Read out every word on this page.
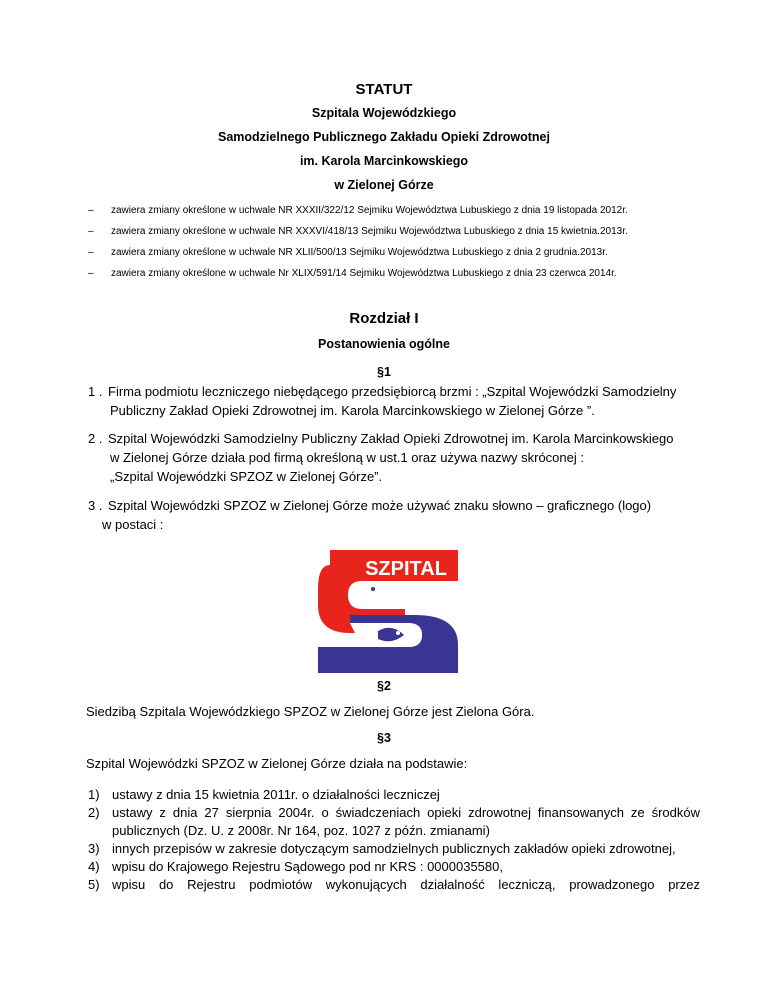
STATUT
Szpitala Wojewódzkiego
Samodzielnego Publicznego Zakładu Opieki Zdrowotnej
im. Karola Marcinkowskiego
w Zielonej Górze
– zawiera zmiany określone w uchwale NR XXXII/322/12 Sejmiku Województwa Lubuskiego z dnia 19 listopada 2012r.
– zawiera zmiany określone w uchwale NR XXXVI/418/13 Sejmiku Województwa Lubuskiego z dnia 15 kwietnia.2013r.
– zawiera zmiany określone w uchwale NR XLII/500/13 Sejmiku Województwa Lubuskiego z dnia 2 grudnia.2013r.
– zawiera zmiany określone w uchwale Nr XLIX/591/14 Sejmiku Województwa Lubuskiego z dnia 23 czerwca 2014r.
Rozdział I
Postanowienia ogólne
§1
1 . Firma podmiotu leczniczego niebędącego przedsiębiorcą brzmi : „Szpital Wojewódzki Samodzielny
Publiczny Zakład Opieki Zdrowotnej im. Karola Marcinkowskiego w Zielonej Górze ”.
2 . Szpital Wojewódzki Samodzielny Publiczny Zakład Opieki Zdrowotnej im. Karola Marcinkowskiego
w Zielonej Górze działa pod firmą określoną w ust.1 oraz używa nazwy skróconej :
„Szpital Wojewódzki SPZOZ w Zielonej Górze”.
3 . Szpital Wojewódzki SPZOZ w Zielonej Górze może używać znaku słowno – graficznego (logo)
w postaci :
SZPITAL
§2
Siedzibą Szpitala Wojewódzkiego SPZOZ w Zielonej Górze jest Zielona Góra.
§3
Szpital Wojewódzki SPZOZ w Zielonej Górze działa na podstawie:
1) ustawy z dnia 15 kwietnia 2011r. o działalności leczniczej
2) ustawy z dnia 27 sierpnia 2004r. o świadczeniach opieki zdrowotnej finansowanych ze środków
publicznych (Dz. U. z 2008r. Nr 164, poz. 1027 z późn. zmianami)
3) innych przepisów w zakresie dotyczącym samodzielnych publicznych zakładów opieki zdrowotnej,
4) wpisu do Krajowego Rejestru Sądowego pod nr KRS : 0000035580,
5) wpisu do Rejestru podmiotów wykonujących działalność leczniczą, prowadzonego przez
